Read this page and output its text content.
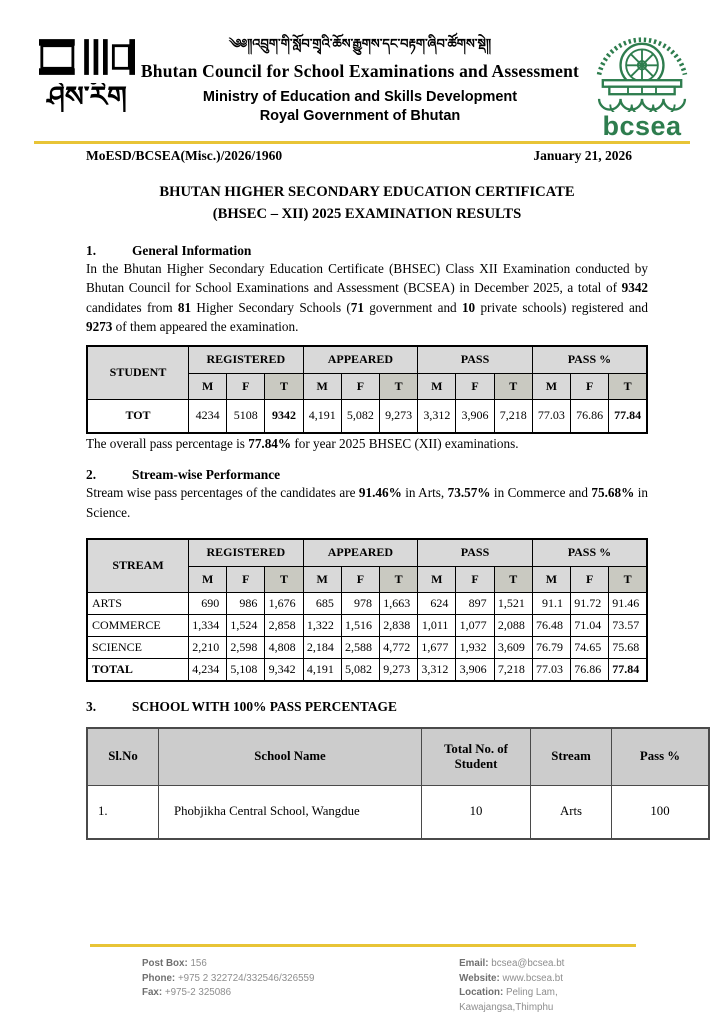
ཤེས་རིག
༄༅༎འབྲུག་གི་སློབ་གྲྭའི་ཆོས་རྒྱུགས་དང་བརྟག་ཞིབ་ཚོགས་སྡེ༎
Bhutan Council for School Examinations and Assessment
Ministry of Education and Skills Development
Royal Government of Bhutan	bcsea
MoESD/BCSEA(Misc.)/2026/1960	January 21, 2026
BHUTAN HIGHER SECONDARY EDUCATION CERTIFICATE
(BHSEC – XII) 2025 EXAMINATION RESULTS
1.	General Information

In the Bhutan Higher Secondary Education Certificate (BHSEC) Class XII Examination conducted by Bhutan Council for School Examinations and Assessment (BCSEA) in December 2025, a total of 9342 candidates from 81 Higher Secondary Schools (71 government and 10 private schools) registered and 9273 of them appeared the examination.

STUDENT	REGISTERED			APPEARED			PASS			PASS %		
	M	F	T	M	F	T	M	F	T	M	F	T
TOT	4234	5108	9342	4,191	5,082	9,273	3,312	3,906	7,218	77.03	76.86	77.84

The overall pass percentage is 77.84% for year 2025 BHSEC (XII) examinations.

2.	Stream-wise Performance

Stream wise pass percentages of the candidates are 91.46% in Arts, 73.57% in Commerce and 75.68% in Science.

STREAM	REGISTERED			APPEARED			PASS			PASS %		
	M	F	T	M	F	T	M	F	T	M	F	T
ARTS	690	986	1,676	685	978	1,663	624	897	1,521	91.1	91.72	91.46
COMMERCE	1,334	1,524	2,858	1,322	1,516	2,838	1,011	1,077	2,088	76.48	71.04	73.57
SCIENCE	2,210	2,598	4,808	2,184	2,588	4,772	1,677	1,932	3,609	76.79	74.65	75.68
TOTAL	4,234	5,108	9,342	4,191	5,082	9,273	3,312	3,906	7,218	77.03	76.86	77.84
3.	SCHOOL WITH 100% PASS PERCENTAGE
Sl.No	School Name	Total No. of Student	Stream	Pass %
1.	Phobjikha Central School, Wangdue	10	Arts	100
Post Box: 156
Phone: +975 2 322724/332546/326559
Fax: +975-2 325086
Email: bcsea@bcsea.bt
Website: www.bcsea.bt
Location: Peling Lam, Kawajangsa,Thimphu
